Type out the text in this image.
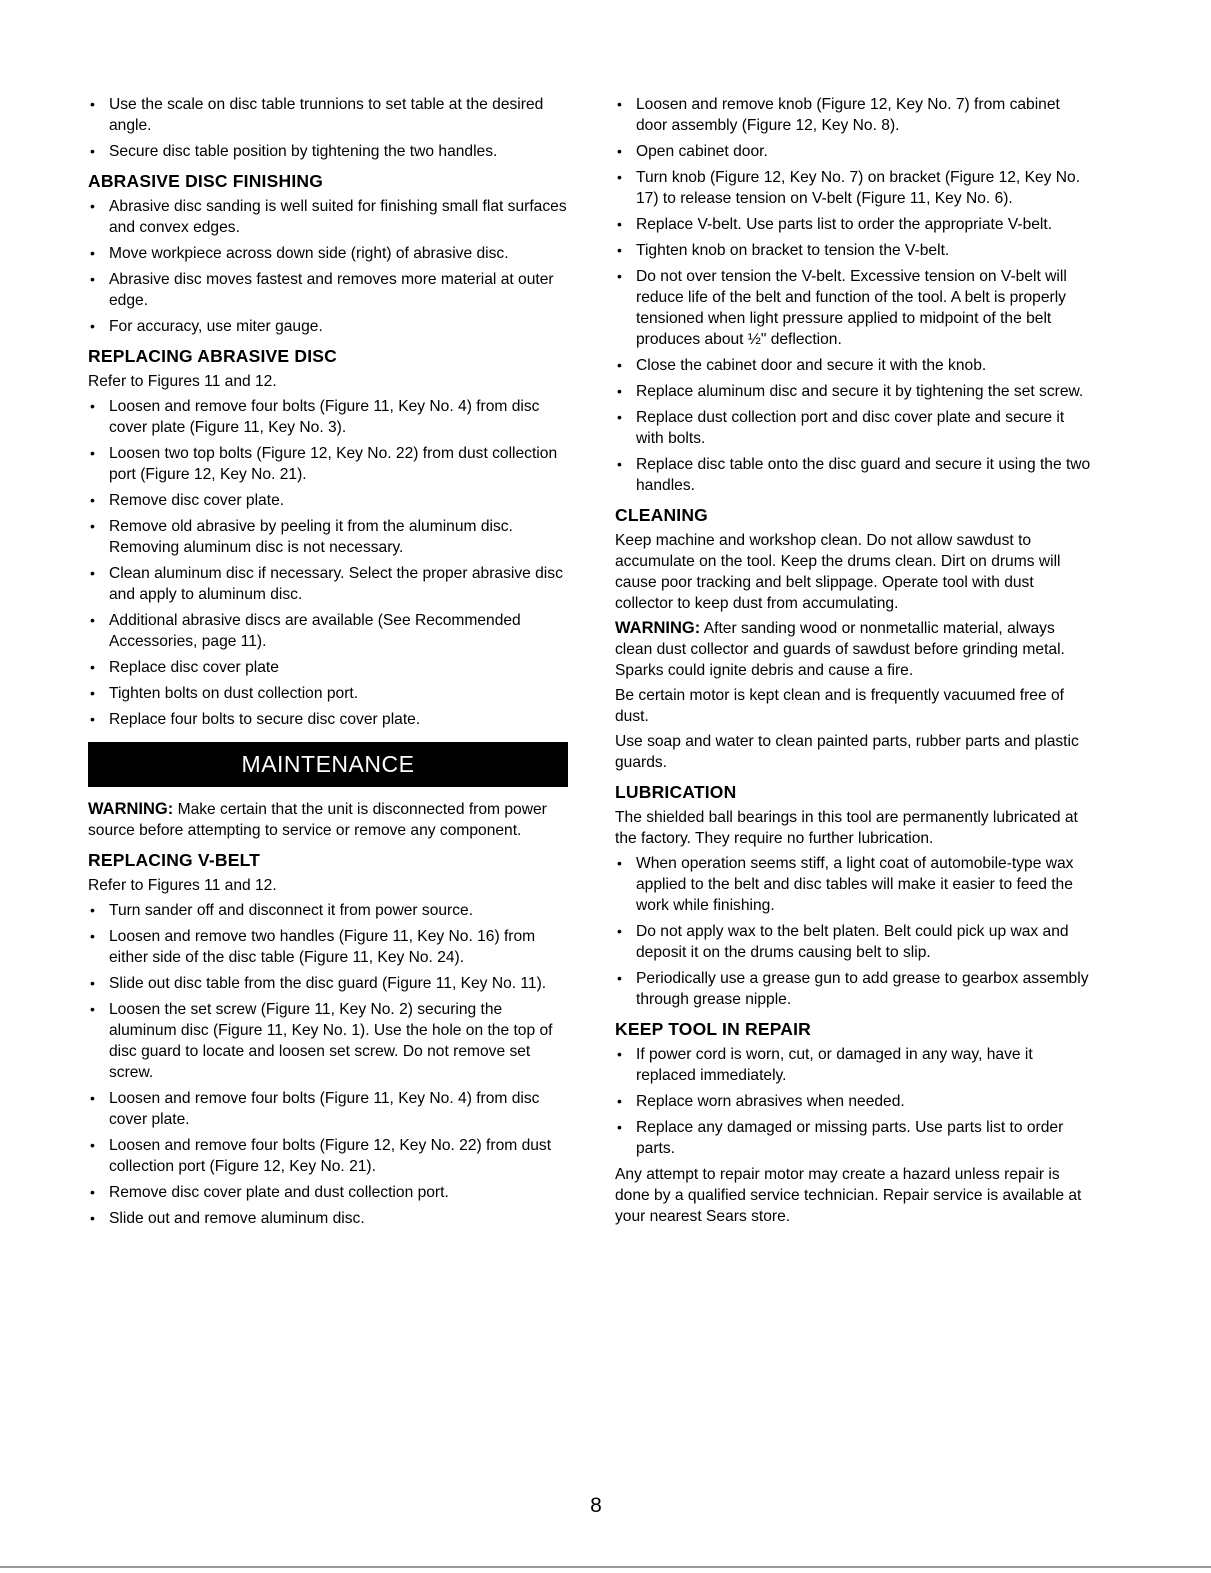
• Use the scale on disc table trunnions to set table at the desired angle.
• Secure disc table position by tightening the two handles.
ABRASIVE DISC FINISHING
• Abrasive disc sanding is well suited for finishing small flat surfaces and convex edges.
• Move workpiece across down side (right) of abrasive disc.
• Abrasive disc moves fastest and removes more material at outer edge.
• For accuracy, use miter gauge.
REPLACING ABRASIVE DISC

Refer to Figures 11 and 12.

• Loosen and remove four bolts (Figure 11, Key No. 4) from disc cover plate (Figure 11, Key No. 3).
• Loosen two top bolts (Figure 12, Key No. 22) from dust collection port (Figure 12, Key No. 21).
• Remove disc cover plate.
• Remove old abrasive by peeling it from the aluminum disc. Removing aluminum disc is not necessary.
• Clean aluminum disc if necessary. Select the proper abrasive disc and apply to aluminum disc.
• Additional abrasive discs are available (See Recommended Accessories, page 11).
• Replace disc cover plate
• Tighten bolts on dust collection port.
• Replace four bolts to secure disc cover plate.
MAINTENANCE

WARNING: Make certain that the unit is disconnected from power source before attempting to service or remove any component.

REPLACING V-BELT

Refer to Figures 11 and 12.

• Turn sander off and disconnect it from power source.
• Loosen and remove two handles (Figure 11, Key No. 16) from either side of the disc table (Figure 11, Key No. 24).
• Slide out disc table from the disc guard (Figure 11, Key No. 11).
• Loosen the set screw (Figure 11, Key No. 2) securing the aluminum disc (Figure 11, Key No. 1). Use the hole on the top of disc guard to locate and loosen set screw. Do not remove set screw.
• Loosen and remove four bolts (Figure 11, Key No. 4) from disc cover plate.
• Loosen and remove four bolts (Figure 12, Key No. 22) from dust collection port (Figure 12, Key No. 21).
• Remove disc cover plate and dust collection port.
• Slide out and remove aluminum disc.
• Loosen and remove knob (Figure 12, Key No. 7) from cabinet door assembly (Figure 12, Key No. 8).
• Open cabinet door.
• Turn knob (Figure 12, Key No. 7) on bracket (Figure 12, Key No. 17) to release tension on V-belt (Figure 11, Key No. 6).
• Replace V-belt. Use parts list to order the appropriate V-belt.
• Tighten knob on bracket to tension the V-belt.
• Do not over tension the V-belt. Excessive tension on V-belt will reduce life of the belt and function of the tool. A belt is properly tensioned when light pressure applied to midpoint of the belt produces about ½" deflection.
• Close the cabinet door and secure it with the knob.
• Replace aluminum disc and secure it by tightening the set screw.
• Replace dust collection port and disc cover plate and secure it with bolts.
• Replace disc table onto the disc guard and secure it using the two handles.
CLEANING

Keep machine and workshop clean. Do not allow sawdust to accumulate on the tool. Keep the drums clean. Dirt on drums will cause poor tracking and belt slippage. Operate tool with dust collector to keep dust from accumulating.

WARNING: After sanding wood or nonmetallic material, always clean dust collector and guards of sawdust before grinding metal. Sparks could ignite debris and cause a fire.

Be certain motor is kept clean and is frequently vacuumed free of dust.

Use soap and water to clean painted parts, rubber parts and plastic guards.

LUBRICATION

The shielded ball bearings in this tool are permanently lubricated at the factory. They require no further lubrication.

• When operation seems stiff, a light coat of automobile-type wax applied to the belt and disc tables will make it easier to feed the work while finishing.
• Do not apply wax to the belt platen. Belt could pick up wax and deposit it on the drums causing belt to slip.
• Periodically use a grease gun to add grease to gearbox assembly through grease nipple.
KEEP TOOL IN REPAIR
• If power cord is worn, cut, or damaged in any way, have it replaced immediately.
• Replace worn abrasives when needed.
• Replace any damaged or missing parts. Use parts list to order parts.

Any attempt to repair motor may create a hazard unless repair is done by a qualified service technician. Repair service is available at your nearest Sears store.

8
